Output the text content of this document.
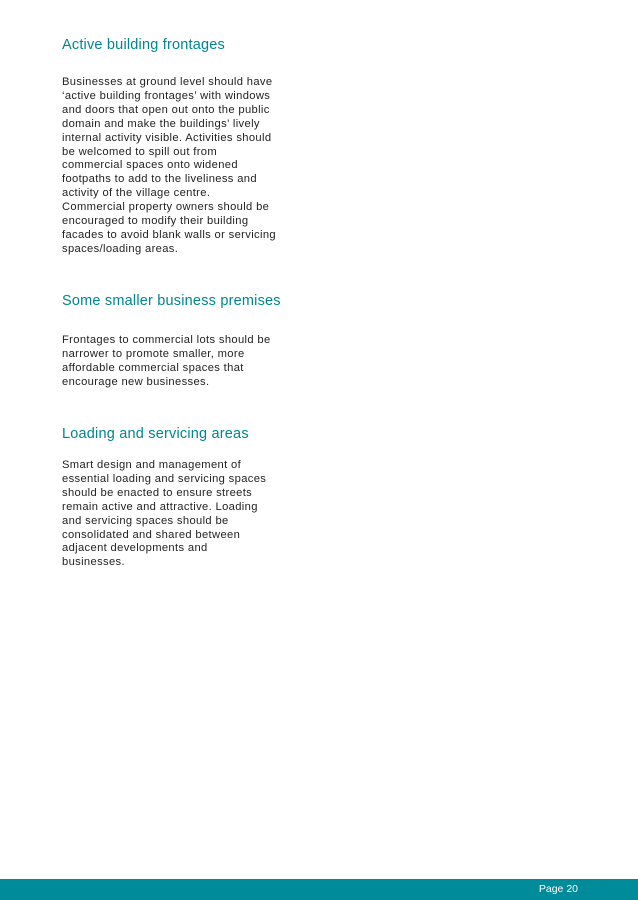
Active building frontages
Businesses at ground level should have
‘active building frontages’ with windows
and doors that open out onto the public
domain and make the buildings’ lively
internal activity visible. Activities should
be welcomed to spill out from
commercial spaces onto widened
footpaths to add to the liveliness and
activity of the village centre.
Commercial property owners should be
encouraged to modify their building
facades to avoid blank walls or servicing
spaces/loading areas.
Some smaller business premises
Frontages to commercial lots should be
narrower to promote smaller, more
affordable commercial spaces that
encourage new businesses.
Loading and servicing areas
Smart design and management of
essential loading and servicing spaces
should be enacted to ensure streets
remain active and attractive. Loading
and servicing spaces should be
consolidated and shared between
adjacent developments and
businesses.
Page 20
